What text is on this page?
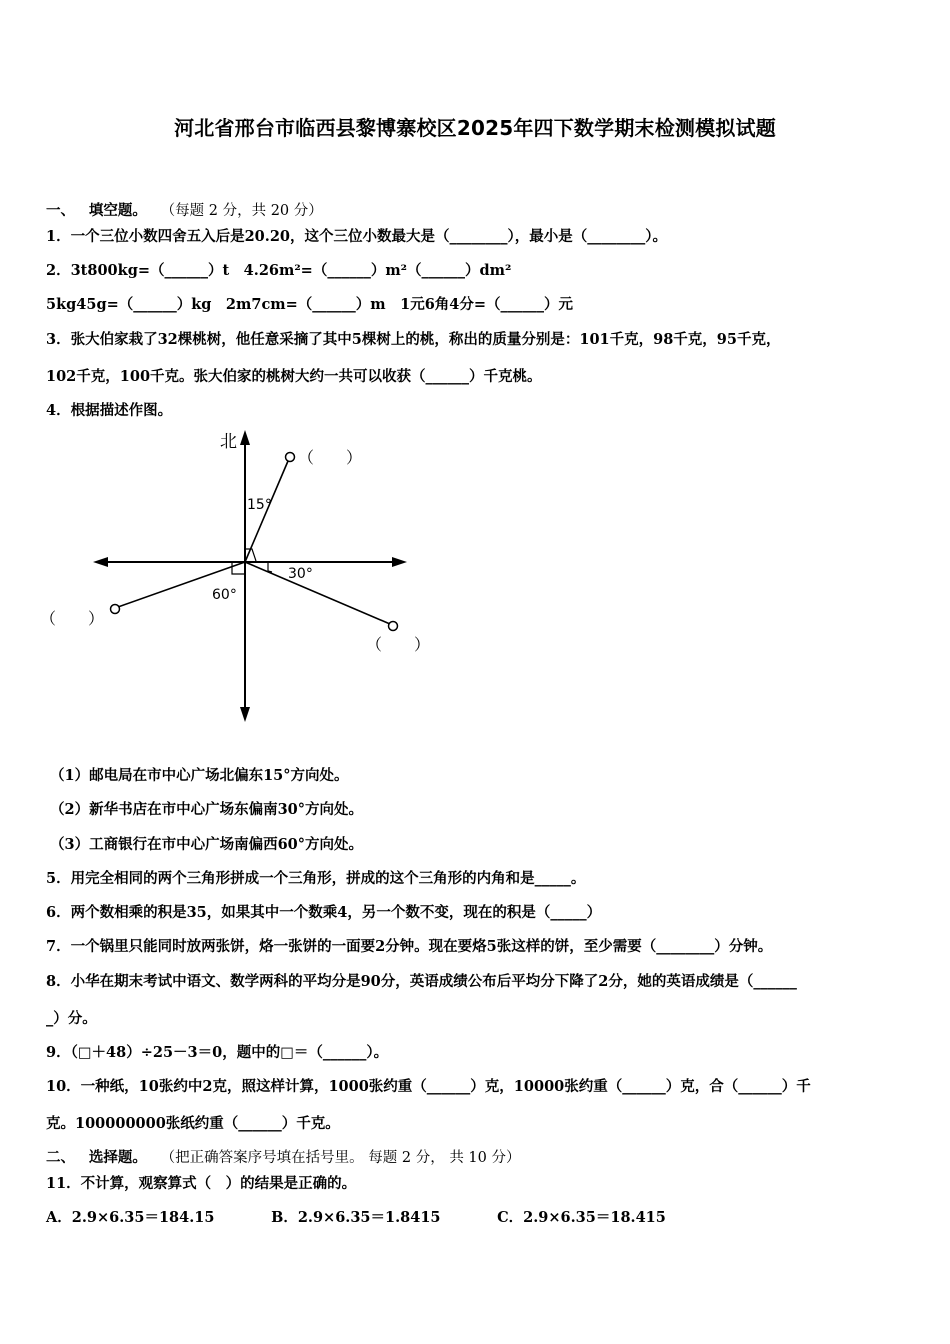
河北省邢台市临西县黎博寨校区2025年四下数学期末检测模拟试题
一、 填空题。 （每题 2 分，共 20 分）
1．一个三位小数四舍五入后是20.20，这个三位小数最大是（________），最小是（________）。
2．3t800kg=（______）t　4.26m²=（______）m²（______）dm²
5kg45g=（______）kg　2m7cm=（______）m　1元6角4分=（______）元
3．张大伯家栽了32棵桃树，他任意采摘了其中5棵树上的桃，称出的质量分别是：101千克，98千克，95千克，
102千克，100千克。张大伯家的桃树大约一共可以收获（______）千克桃。
4．根据描述作图。
北
（　　）
15°
（　　）
30°
（　　）
60°
（1）邮电局在市中心广场北偏东15°方向处。
（2）新华书店在市中心广场东偏南30°方向处。
（3）工商银行在市中心广场南偏西60°方向处。
5．用完全相同的两个三角形拼成一个三角形，拼成的这个三角形的内角和是_____。
6．两个数相乘的积是35，如果其中一个数乘4，另一个数不变，现在的积是（_____）
7．一个锅里只能同时放两张饼，烙一张饼的一面要2分钟。现在要烙5张这样的饼，至少需要（________）分钟。
8．小华在期末考试中语文、数学两科的平均分是90分，英语成绩公布后平均分下降了2分，她的英语成绩是（______
_）分。
9．（□＋48）÷25－3＝0，题中的□＝（______）。
10．一种纸，10张约中2克，照这样计算，1000张约重（______）克，10000张约重（______）克，合（______）千
克。100000000张纸约重（______）千克。
二、 选择题。 （把正确答案序号填在括号里。 每题 2 分， 共 10 分）
11．不计算，观察算式（　）的结果是正确的。
A．2.9×6.35＝184.15	B．2.9×6.35＝1.8415	C．2.9×6.35＝18.415
